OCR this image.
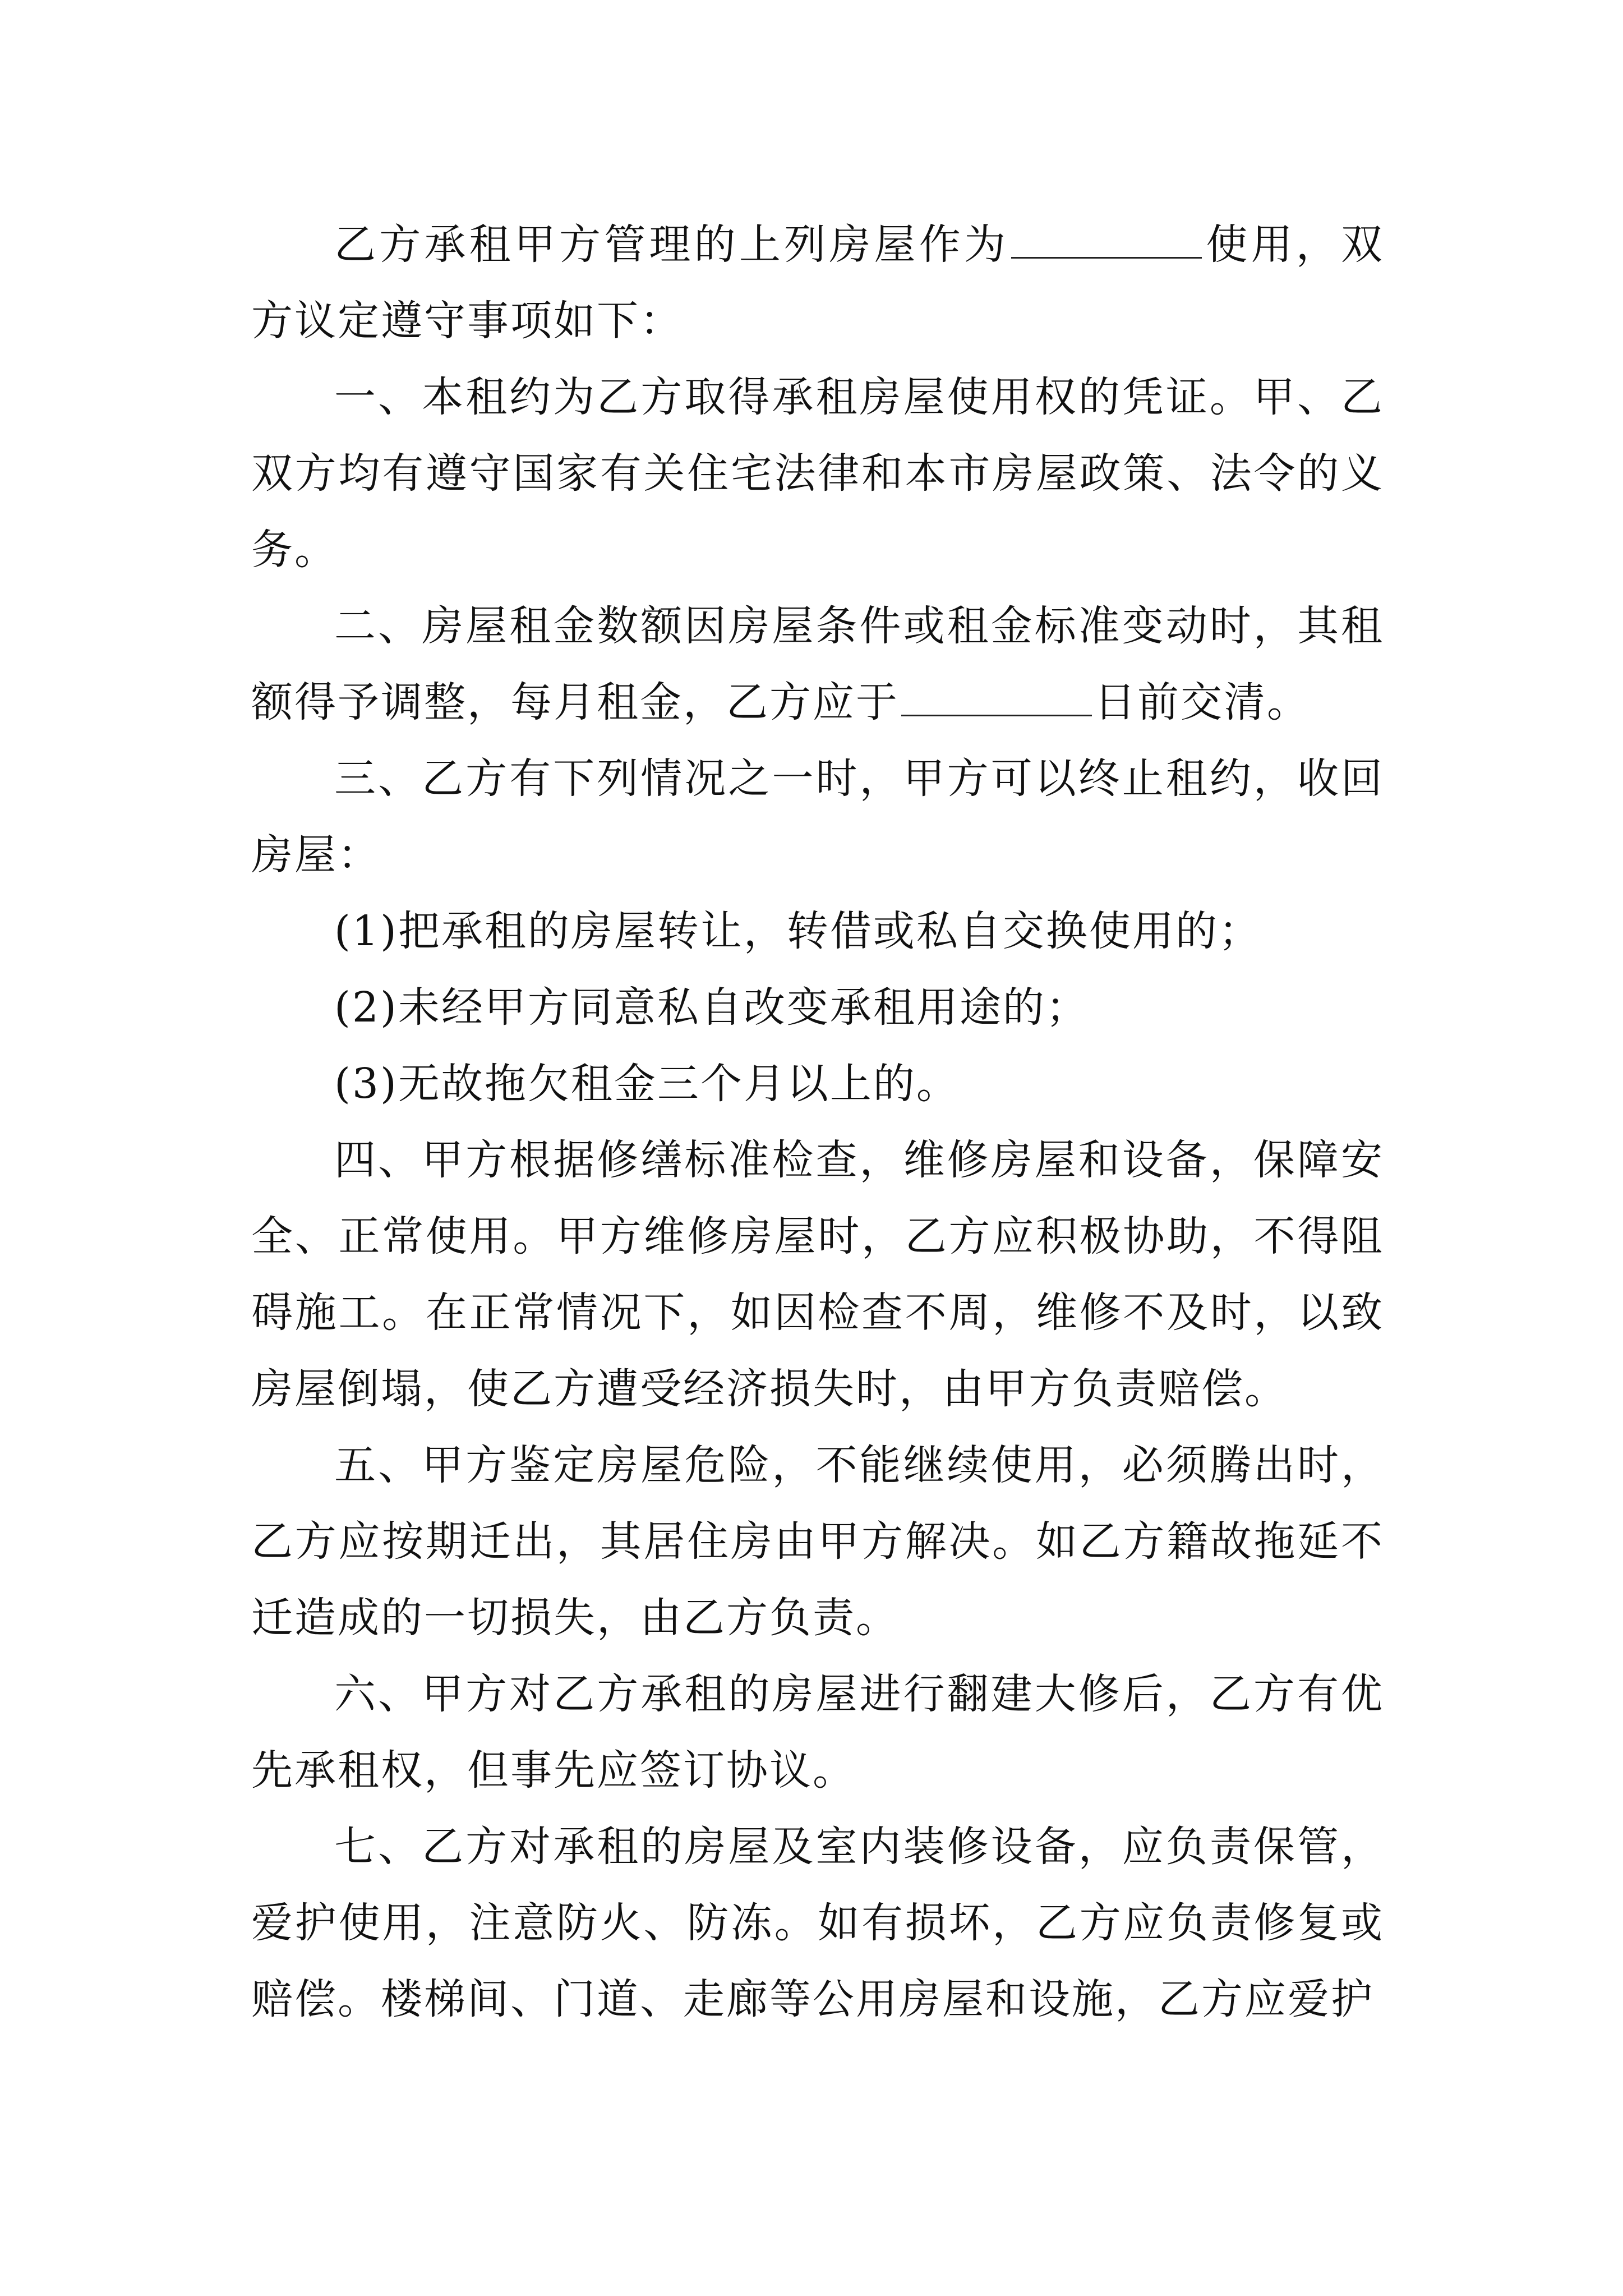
乙方承租甲方管理的上列房屋作为	使用，双方议定遵守事项如下：

一、本租约为乙方取得承租房屋使用权的凭证。甲、乙双方均有遵守国家有关住宅法律和本市房屋政策、法令的义务。

二、房屋租金数额因房屋条件或租金标准变动时，其租额得予调整，每月租金，乙方应于	日前交清。

三、乙方有下列情况之一时，甲方可以终止租约，收回房屋：

(1)把承租的房屋转让，转借或私自交换使用的；

(2)未经甲方同意私自改变承租用途的；

(3)无故拖欠租金三个月以上的。

四、甲方根据修缮标准检查，维修房屋和设备，保障安全、正常使用。甲方维修房屋时，乙方应积极协助，不得阻碍施工。在正常情况下，如因检查不周，维修不及时，以致房屋倒塌，使乙方遭受经济损失时，由甲方负责赔偿。

五、甲方鉴定房屋危险，不能继续使用，必须腾出时，乙方应按期迁出，其居住房由甲方解决。如乙方籍故拖延不迁造成的一切损失，由乙方负责。

六、甲方对乙方承租的房屋进行翻建大修后，乙方有优先承租权，但事先应签订协议。

七、乙方对承租的房屋及室内装修设备，应负责保管，爱护使用，注意防火、防冻。如有损坏，乙方应负责修复或赔偿。楼梯间、门道、走廊等公用房屋和设施，乙方应爱护
